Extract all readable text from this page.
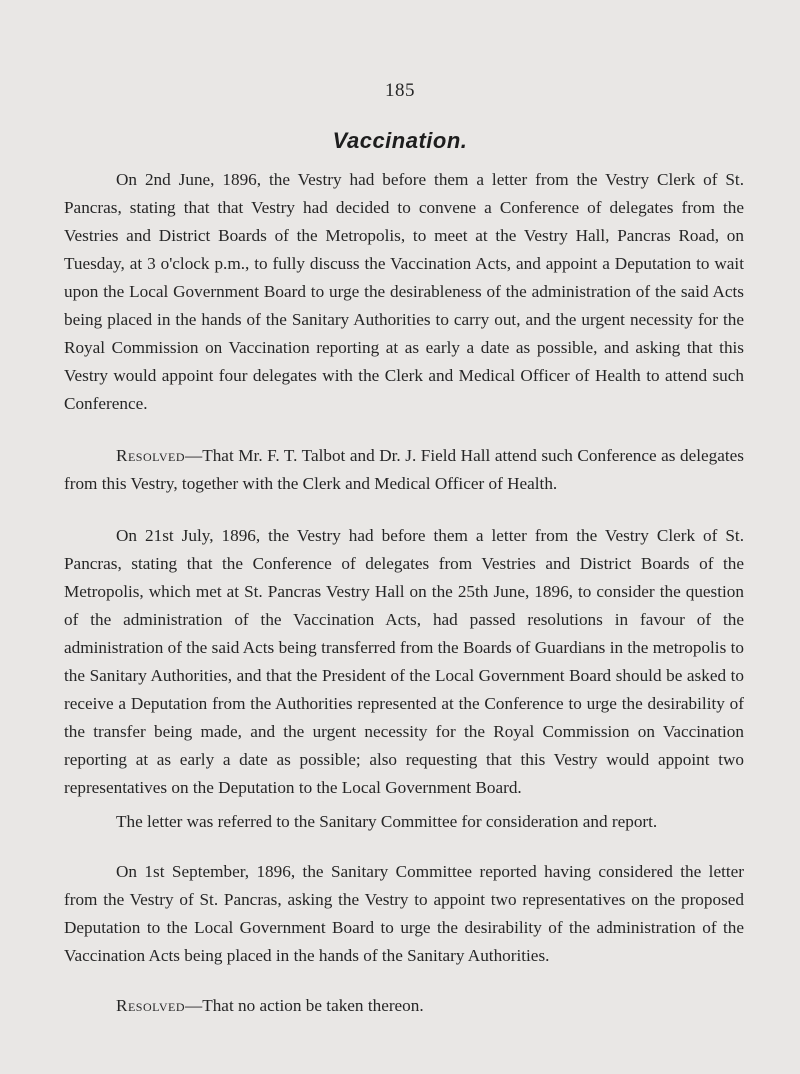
185
Vaccination.

On 2nd June, 1896, the Vestry had before them a letter from the Vestry Clerk of St. Pancras, stating that that Vestry had decided to convene a Conference of delegates from the Vestries and District Boards of the Metropolis, to meet at the Vestry Hall, Pancras Road, on Tuesday, at 3 o'clock p.m., to fully discuss the Vaccination Acts, and appoint a Deputation to wait upon the Local Government Board to urge the desirableness of the administration of the said Acts being placed in the hands of the Sanitary Authorities to carry out, and the urgent necessity for the Royal Commission on Vaccination reporting at as early a date as possible, and asking that this Vestry would appoint four delegates with the Clerk and Medical Officer of Health to attend such Conference.

Resolved—That Mr. F. T. Talbot and Dr. J. Field Hall attend such Conference as delegates from this Vestry, together with the Clerk and Medical Officer of Health.

On 21st July, 1896, the Vestry had before them a letter from the Vestry Clerk of St. Pancras, stating that the Conference of delegates from Vestries and District Boards of the Metropolis, which met at St. Pancras Vestry Hall on the 25th June, 1896, to consider the question of the administration of the Vaccination Acts, had passed resolutions in favour of the administration of the said Acts being transferred from the Boards of Guardians in the metropolis to the Sanitary Authorities, and that the President of the Local Government Board should be asked to receive a Deputation from the Authorities represented at the Conference to urge the desirability of the transfer being made, and the urgent necessity for the Royal Commission on Vaccination reporting at as early a date as possible; also requesting that this Vestry would appoint two representatives on the Deputation to the Local Government Board.

The letter was referred to the Sanitary Committee for consideration and report.

On 1st September, 1896, the Sanitary Committee reported having considered the letter from the Vestry of St. Pancras, asking the Vestry to appoint two representatives on the proposed Deputation to the Local Government Board to urge the desirability of the administration of the Vaccination Acts being placed in the hands of the Sanitary Authorities.

Resolved—That no action be taken thereon.
